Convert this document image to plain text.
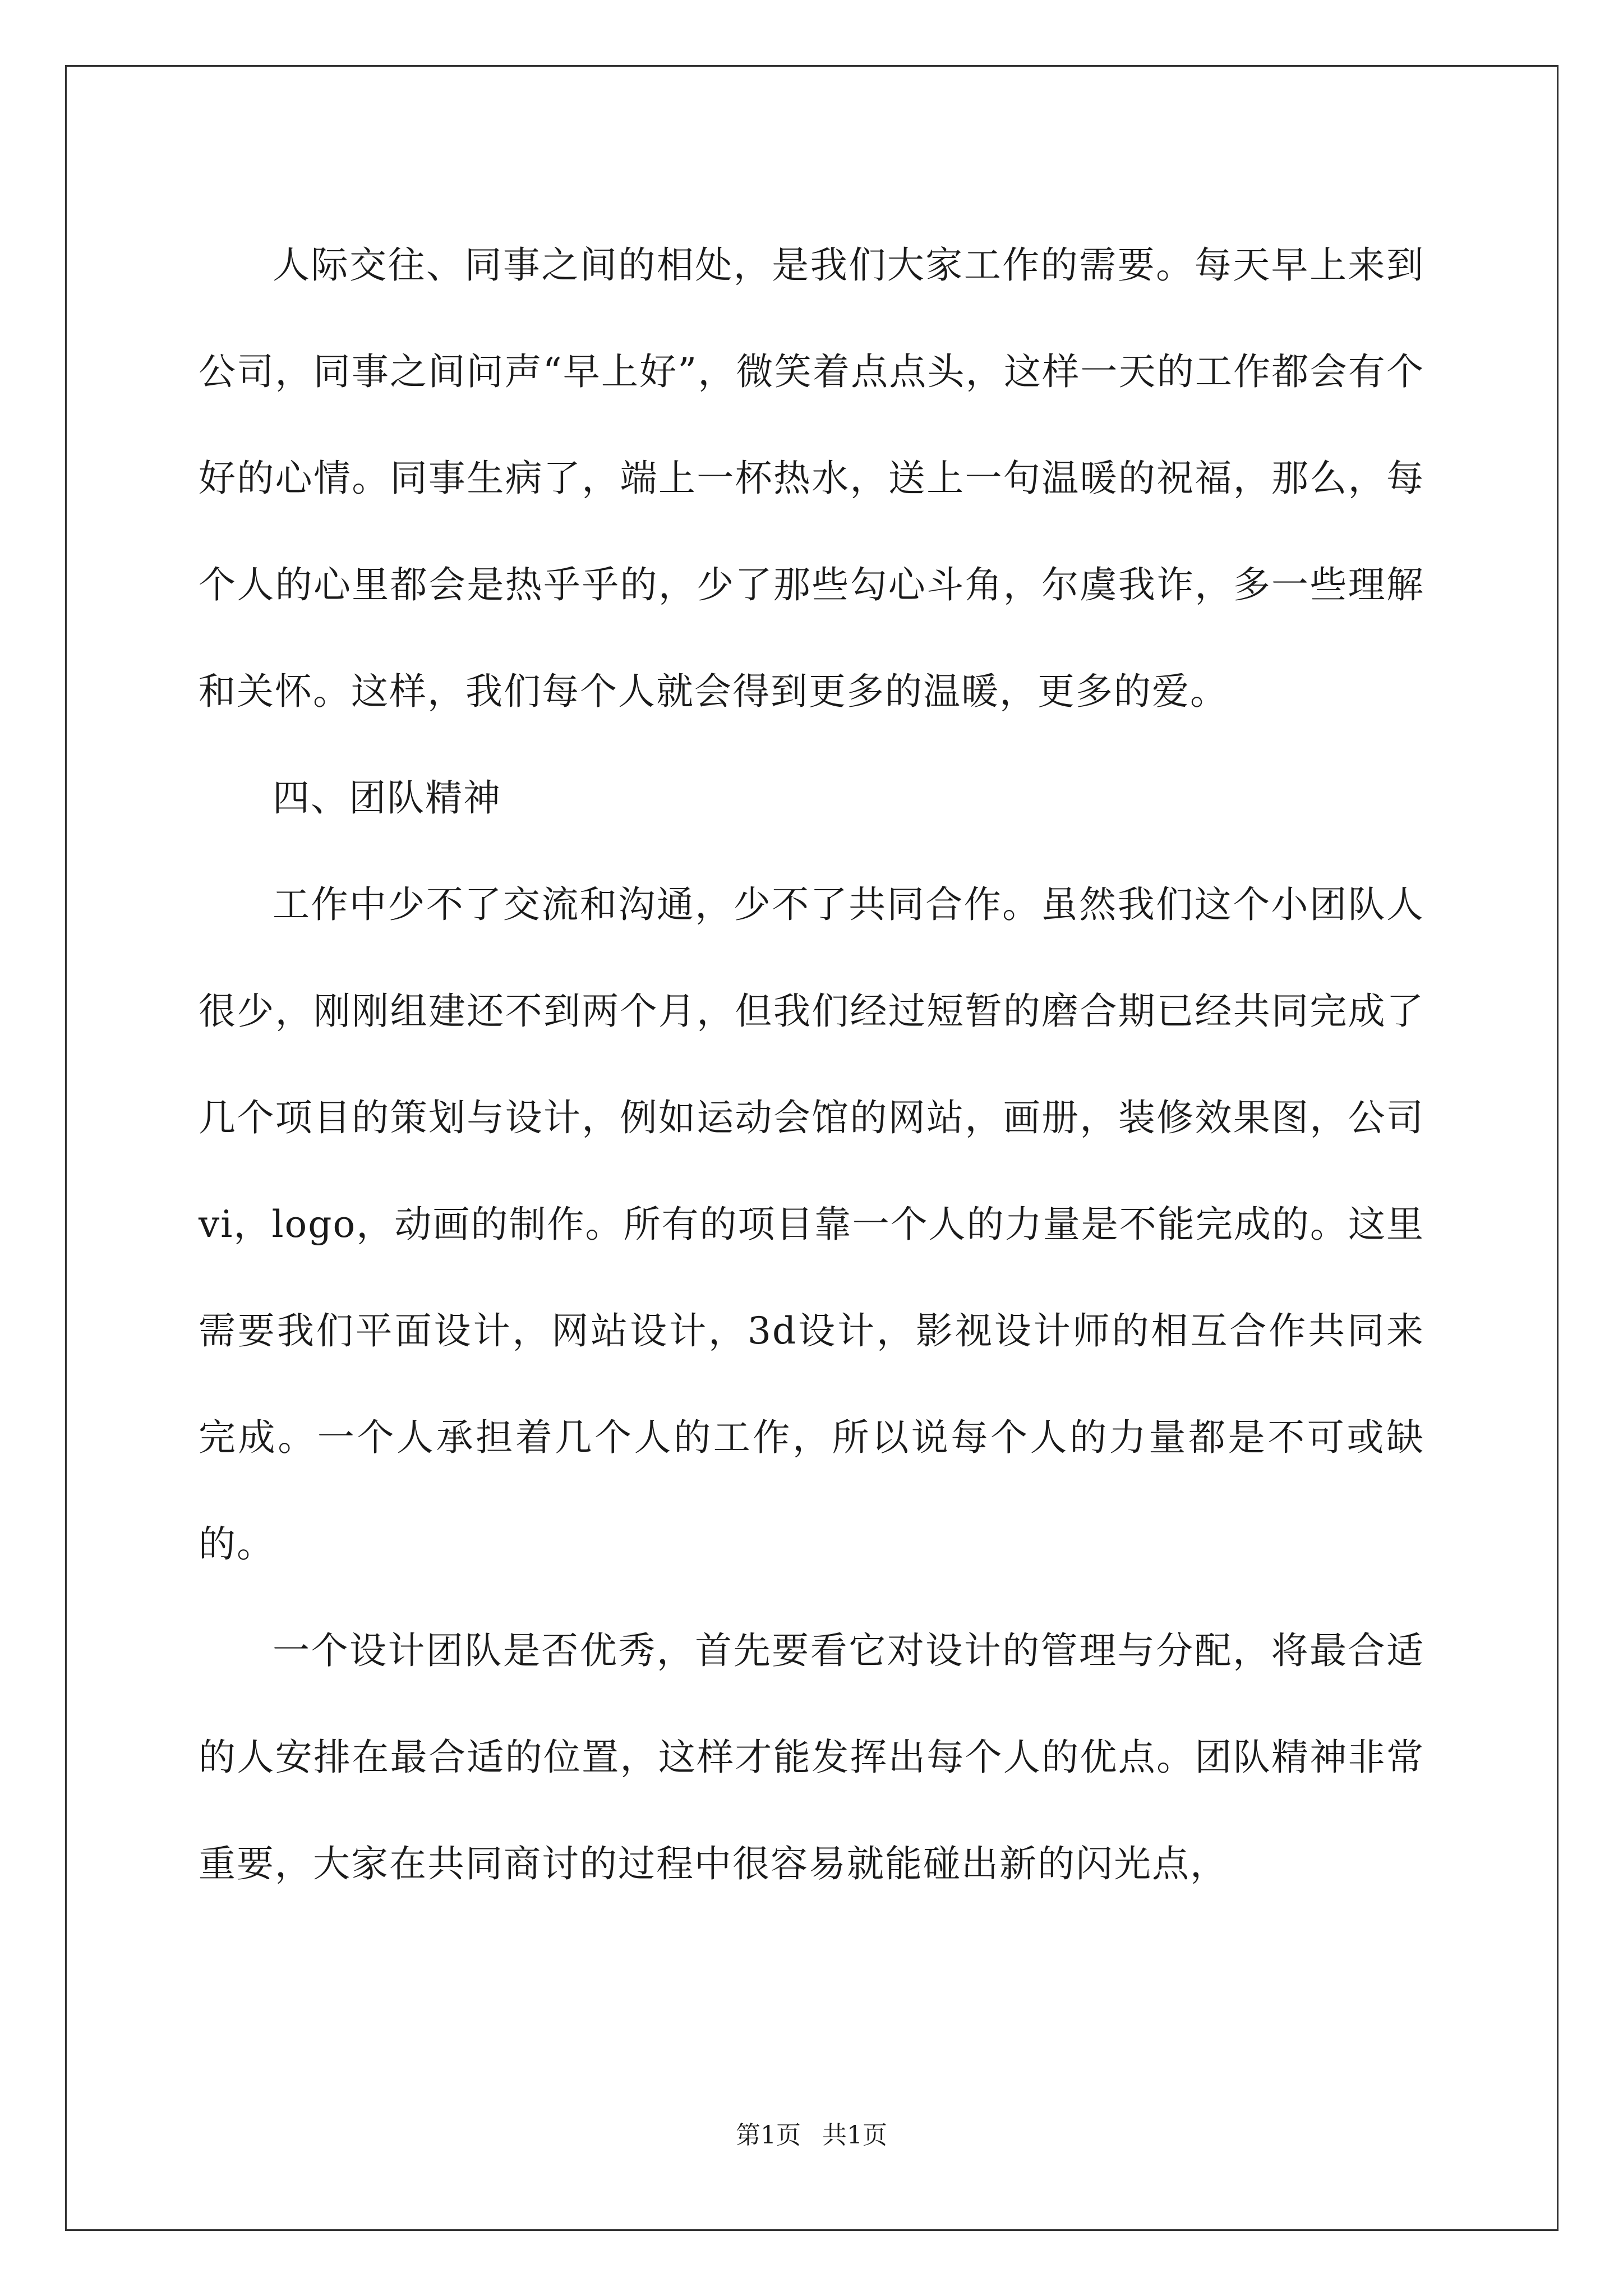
人际交往、同事之间的相处，是我们大家工作的需要。每天早上来到公司，同事之间问声“早上好”，微笑着点点头，这样一天的工作都会有个好的心情。同事生病了，端上一杯热水，送上一句温暖的祝福，那么，每个人的心里都会是热乎乎的，少了那些勾心斗角，尔虞我诈，多一些理解和关怀。这样，我们每个人就会得到更多的温暖，更多的爱。

四、团队精神

工作中少不了交流和沟通，少不了共同合作。虽然我们这个小团队人很少，刚刚组建还不到两个月，但我们经过短暂的磨合期已经共同完成了几个项目的策划与设计，例如运动会馆的网站，画册，装修效果图，公司vi，logo，动画的制作。所有的项目靠一个人的力量是不能完成的。这里需要我们平面设计，网站设计，3d设计，影视设计师的相互合作共同来完成。一个人承担着几个人的工作，所以说每个人的力量都是不可或缺的。

一个设计团队是否优秀，首先要看它对设计的管理与分配，将最合适的人安排在最合适的位置，这样才能发挥出每个人的优点。团队精神非常重要，大家在共同商讨的过程中很容易就能碰出新的闪光点，

第1页 共1页
